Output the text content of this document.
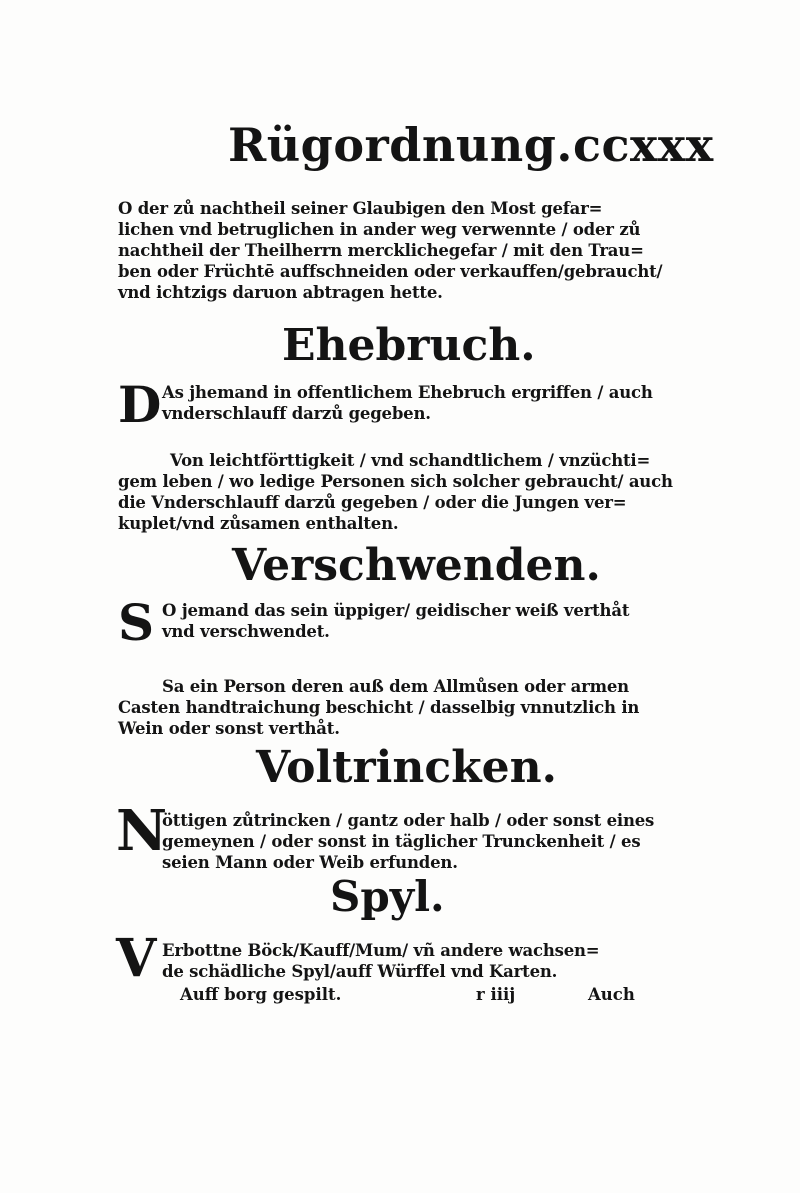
Rügordnung. ccxxx
O der zů nachtheil seiner Glaubigen den Most gefar=
lichen vnd betruglichen in ander weg verwennte / oder zů
nachtheil der Theilherrn mercklichegefar / mit den Trau=
ben oder Früchtē auffschneiden oder verkauffen/gebraucht/
vnd ichtzigs daruon abtragen hette.
Ehebruch.
D As jhemand in offentlichem Ehebruch ergriffen / auch
vnderschlauff darzů gegeben.
Von leichtförttigkeit / vnd schandtlichem / vnzüchti=
gem leben / wo ledige Personen sich solcher gebraucht/ auch
die Vnderschlauff darzů gegeben / oder die Jungen ver=
kuplet/vnd zůsamen enthalten.
Verschwenden.
S O jemand das sein üppiger/ geidischer weiß verthåt
vnd verschwendet.
Sa ein Person deren auß dem Allmůsen oder armen
Casten handtraichung beschicht / dasselbig vnnutzlich in
Wein oder sonst verthåt.
Voltrincken.
N
öttigen zůtrincken / gantz oder halb / oder sonst eines
gemeynen / oder sonst in täglicher Trunckenheit / es
seien Mann oder Weib erfunden.
Spyl.
V Erbottne Böck/Kauff/Mum/ vñ andere wachsen=
de schädliche Spyl/auff Würffel vnd Karten.
Auff borg gespilt.	r iiij	Auch
